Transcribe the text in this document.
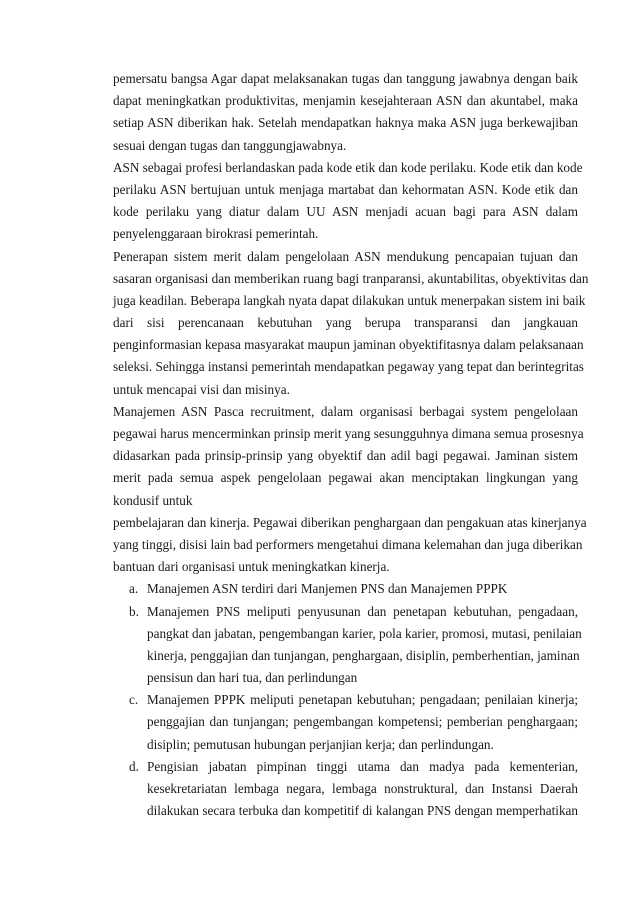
pemersatu bangsa Agar dapat melaksanakan tugas dan tanggung jawabnya dengan baik
dapat meningkatkan produktivitas, menjamin kesejahteraan ASN dan akuntabel, maka
setiap ASN diberikan hak. Setelah mendapatkan haknya maka ASN juga berkewajiban
sesuai dengan tugas dan tanggungjawabnya.
ASN sebagai profesi berlandaskan pada kode etik dan kode perilaku. Kode etik dan kode
perilaku ASN bertujuan untuk menjaga martabat dan kehormatan ASN. Kode etik dan
kode perilaku yang diatur dalam UU ASN menjadi acuan bagi para ASN dalam
penyelenggaraan birokrasi pemerintah.
Penerapan sistem merit dalam pengelolaan ASN mendukung pencapaian tujuan dan
sasaran organisasi dan memberikan ruang bagi tranparansi, akuntabilitas, obyektivitas dan
juga keadilan. Beberapa langkah nyata dapat dilakukan untuk menerpakan sistem ini baik
dari sisi perencanaan kebutuhan yang berupa transparansi dan jangkauan
penginformasian kepasa masyarakat maupun jaminan obyektifitasnya dalam pelaksanaan
seleksi. Sehingga instansi pemerintah mendapatkan pegaway yang tepat dan berintegritas
untuk mencapai visi dan misinya.
Manajemen ASN Pasca recruitment, dalam organisasi berbagai system pengelolaan
pegawai harus mencerminkan prinsip merit yang sesungguhnya dimana semua prosesnya
didasarkan pada prinsip-prinsip yang obyektif dan adil bagi pegawai. Jaminan sistem
merit pada semua aspek pengelolaan pegawai akan menciptakan lingkungan yang
kondusif untuk
pembelajaran dan kinerja. Pegawai diberikan penghargaan dan pengakuan atas kinerjanya
yang tinggi, disisi lain bad performers mengetahui dimana kelemahan dan juga diberikan
bantuan dari organisasi untuk meningkatkan kinerja.
a. Manajemen ASN terdiri dari Manjemen PNS dan Manajemen PPPK
b. Manajemen PNS meliputi penyusunan dan penetapan kebutuhan, pengadaan,
pangkat dan jabatan, pengembangan karier, pola karier, promosi, mutasi, penilaian
kinerja, penggajian dan tunjangan, penghargaan, disiplin, pemberhentian, jaminan
pensisun dan hari tua, dan perlindungan
c. Manajemen PPPK meliputi penetapan kebutuhan; pengadaan; penilaian kinerja;
penggajian dan tunjangan; pengembangan kompetensi; pemberian penghargaan;
disiplin; pemutusan hubungan perjanjian kerja; dan perlindungan.
d. Pengisian jabatan pimpinan tinggi utama dan madya pada kementerian,
kesekretariatan lembaga negara, lembaga nonstruktural, dan Instansi Daerah
dilakukan secara terbuka dan kompetitif di kalangan PNS dengan memperhatikan
